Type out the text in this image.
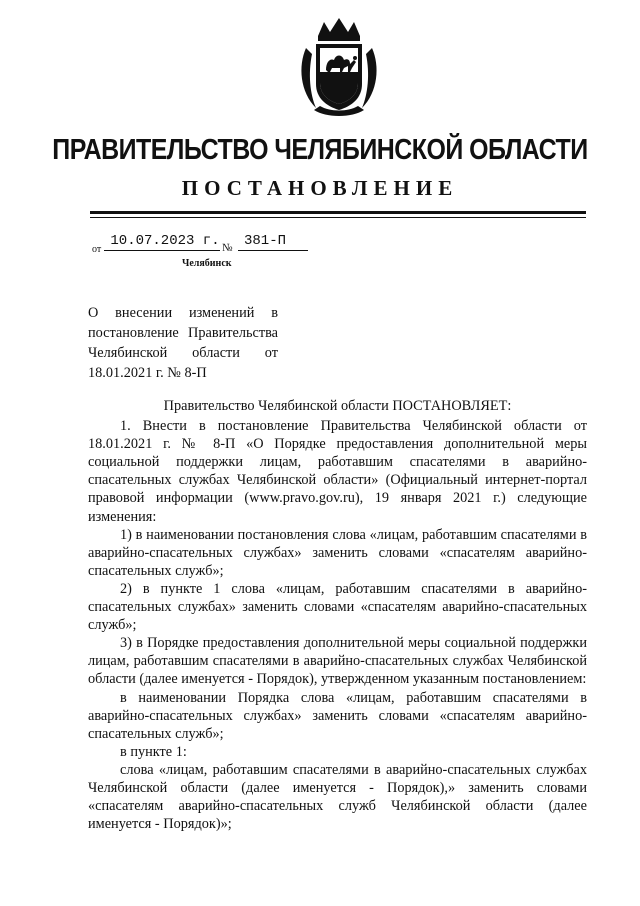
ПРАВИТЕЛЬСТВО ЧЕЛЯБИНСКОЙ ОБЛАСТИ
ПОСТАНОВЛЕНИЕ
от
10.07.2023 г. № 381-П
Челябинск
О внесении изменений в постановление Правительства Челябинской области от 18.01.2021 г. № 8-П

Правительство Челябинской области ПОСТАНОВЛЯЕТ:

1. Внести в постановление Правительства Челябинской области от 18.01.2021 г. № 8-П «О Порядке предоставления дополнительной меры социальной поддержки лицам, работавшим спасателями в аварийно-спасательных службах Челябинской области» (Официальный интернет-портал правовой информации (www.pravo.gov.ru), 19 января 2021 г.) следующие изменения:

1) в наименовании постановления слова «лицам, работавшим спасателями в аварийно-спасательных службах» заменить словами «спасателям аварийно-спасательных служб»;

2) в пункте 1 слова «лицам, работавшим спасателями в аварийно-спасательных службах» заменить словами «спасателям аварийно-спасательных служб»;

3) в Порядке предоставления дополнительной меры социальной поддержки лицам, работавшим спасателями в аварийно-спасательных службах Челябинской области (далее именуется - Порядок), утвержденном указанным постановлением:

в наименовании Порядка слова «лицам, работавшим спасателями в аварийно-спасательных службах» заменить словами «спасателям аварийно-спасательных служб»;

в пункте 1:

слова «лицам, работавшим спасателями в аварийно-спасательных службах Челябинской области (далее именуется - Порядок),» заменить словами «спасателям аварийно-спасательных служб Челябинской области (далее именуется - Порядок)»;
